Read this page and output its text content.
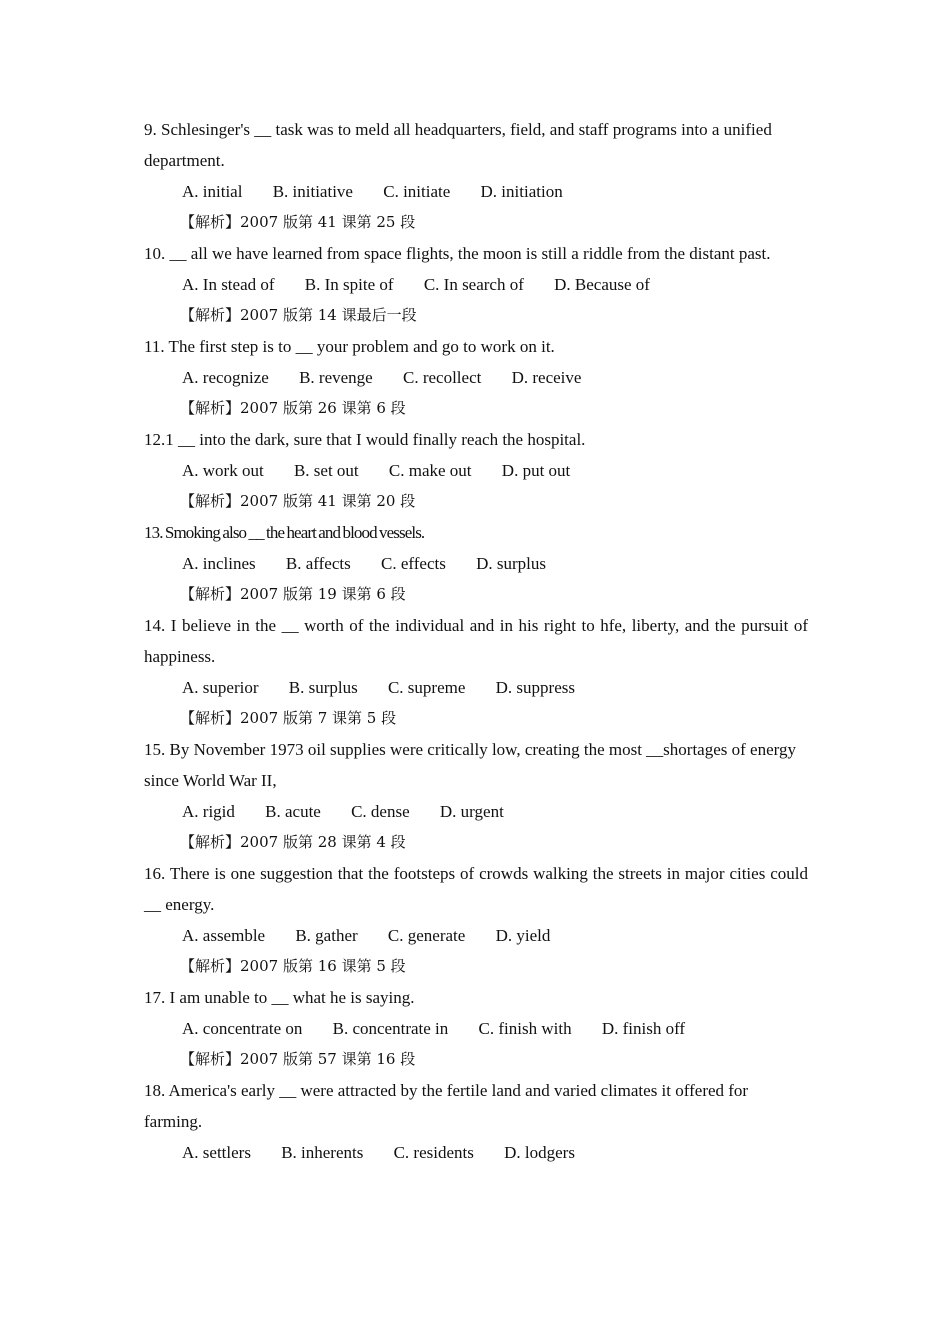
9. Schlesinger's __ task was to meld all headquarters, field, and staff programs into a unified department.

A. initial B. initiative C. initiate D. initiation

【解析】2007 版第 41 课第 25 段

10. __ all we have learned from space flights, the moon is still a riddle from the distant past.

A. In stead of B. In spite of C. In search of D. Because of

【解析】2007 版第 14 课最后一段

11. The first step is to __ your problem and go to work on it.

A. recognize B. revenge C. recollect D. receive

【解析】2007 版第 26 课第 6 段

12.1 __ into the dark, sure that I would finally reach the hospital.

A. work out B. set out C. make out D. put out

【解析】2007 版第 41 课第 20 段

13. Smoking also __ the heart and blood vessels.

A. inclines B. affects C. effects D. surplus

【解析】2007 版第 19 课第 6 段

14. I believe in the __ worth of the individual and in his right to hfe, liberty, and the pursuit of happiness.

A. superior B. surplus C. supreme D. suppress

【解析】2007 版第 7 课第 5 段

15. By November 1973 oil supplies were critically low, creating the most __shortages of energy since World War II,

A. rigid B. acute C. dense D. urgent

【解析】2007 版第 28 课第 4 段

16. There is one suggestion that the footsteps of crowds walking the streets in major cities could __ energy.

A. assemble B. gather C. generate D. yield

【解析】2007 版第 16 课第 5 段

17. I am unable to __ what he is saying.

A. concentrate on B. concentrate in C. finish with D. finish off

【解析】2007 版第 57 课第 16 段

18. America's early __ were attracted by the fertile land and varied climates it offered for farming.

A. settlers B. inherents C. residents D. lodgers
